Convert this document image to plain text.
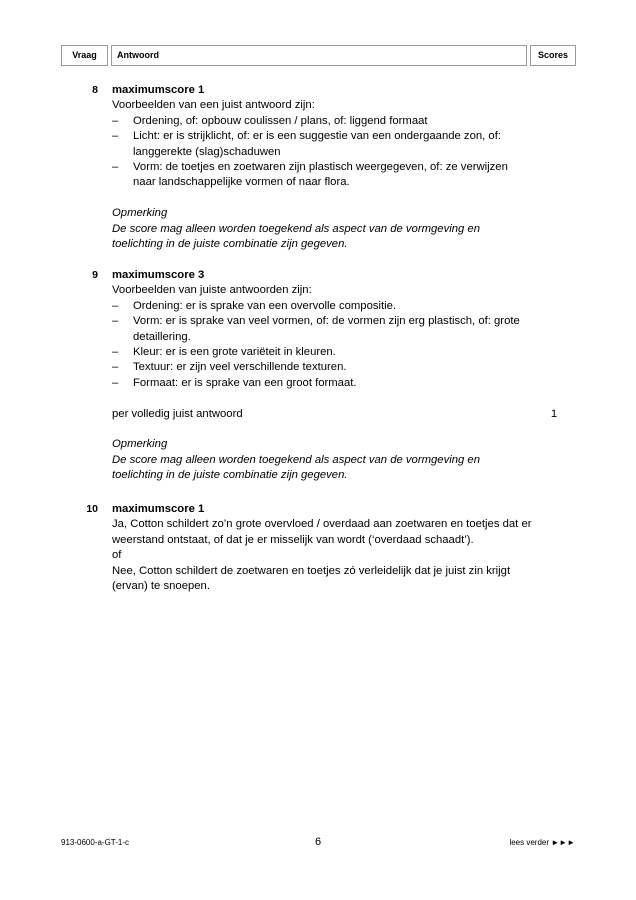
Vraag	Antwoord	Scores
8 maximumscore 1

Voorbeelden van een juist antwoord zijn:

– Ordening, of: opbouw coulissen / plans, of: liggend formaat
– Licht: er is strijklicht, of: er is een suggestie van een ondergaande zon, of: langgerekte (slag)schaduwen
– Vorm: de toetjes en zoetwaren zijn plastisch weergegeven, of: ze verwijzen naar landschappelijke vormen of naar flora.

Opmerking

De score mag alleen worden toegekend als aspect van de vormgeving en toelichting in de juiste combinatie zijn gegeven.

9 maximumscore 3

Voorbeelden van juiste antwoorden zijn:

– Ordening: er is sprake van een overvolle compositie.
– Vorm: er is sprake van veel vormen, of: de vormen zijn erg plastisch, of: grote detaillering.
– Kleur: er is een grote variëteit in kleuren.
– Textuur: er zijn veel verschillende texturen.
– Formaat: er is sprake van een groot formaat.
per volledig juist antwoord	1

Opmerking

De score mag alleen worden toegekend als aspect van de vormgeving en toelichting in de juiste combinatie zijn gegeven.

10 maximumscore 1

Ja, Cotton schildert zo’n grote overvloed / overdaad aan zoetwaren en toetjes dat er weerstand ontstaat, of dat je er misselijk van wordt (‘overdaad schaadt’).

of

Nee, Cotton schildert de zoetwaren en toetjes zó verleidelijk dat je juist zin krijgt (ervan) te snoepen.

913-0600-a-GT-1-c	6	lees verder ►►►
